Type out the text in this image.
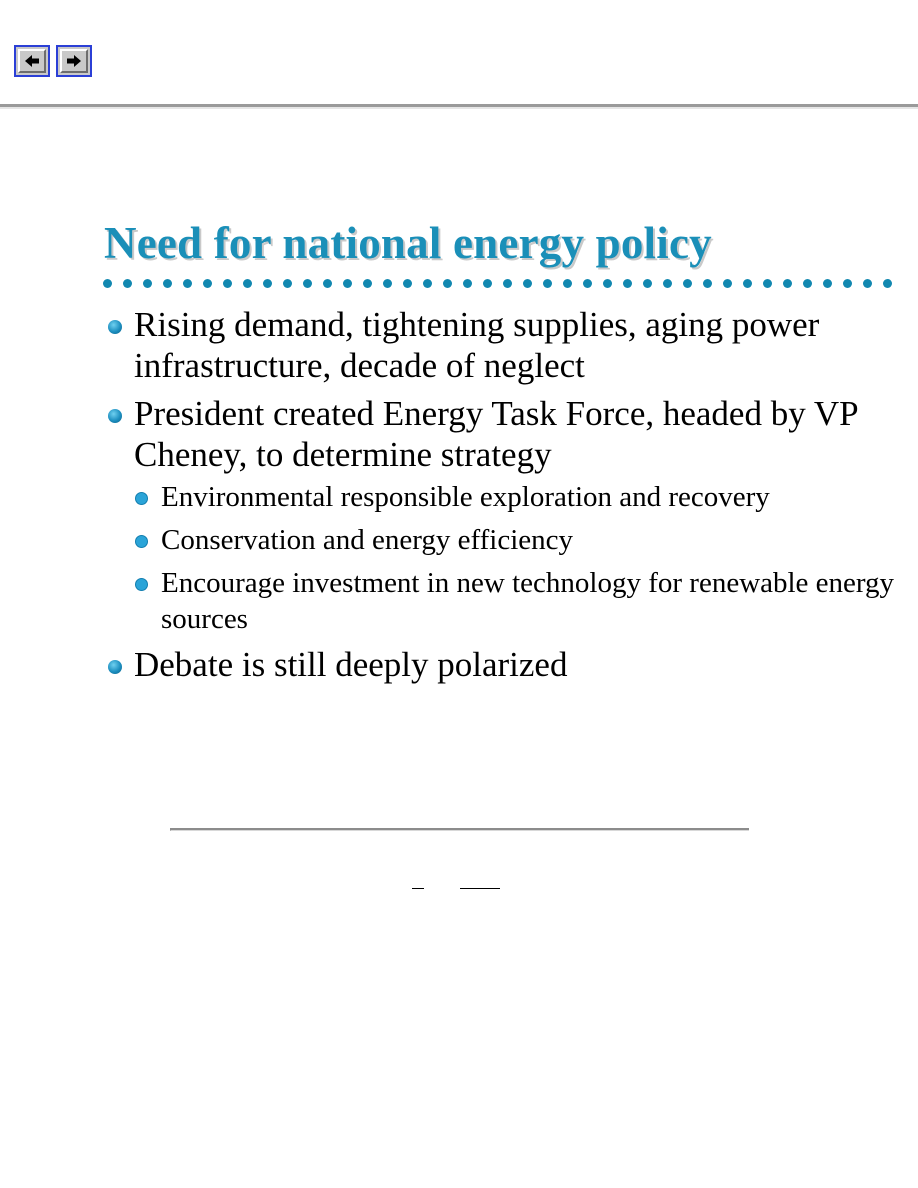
Need for national energy policy
Rising demand, tightening supplies, aging power infrastructure, decade of neglect
President created Energy Task Force, headed by VP Cheney, to determine strategy
Environmental responsible exploration and recovery
Conservation and energy efficiency
Encourage investment in new technology for renewable energy sources
Debate is still deeply polarized
